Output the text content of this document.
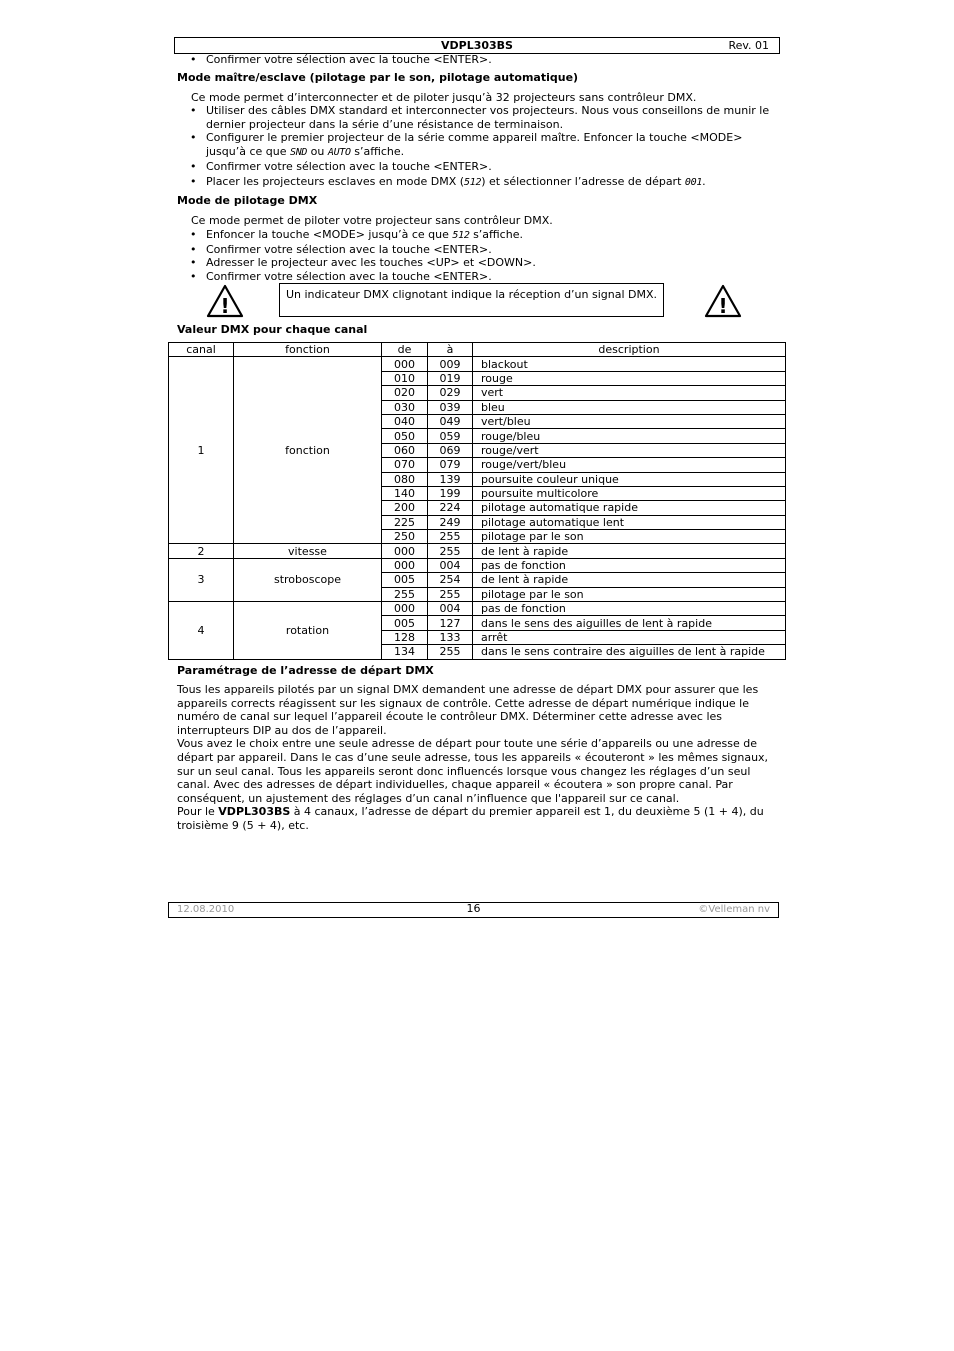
VDPL303BS	Rev. 01
• Confirmer votre sélection avec la touche <ENTER>.
Mode maître/esclave (pilotage par le son, pilotage automatique)
Ce mode permet d’interconnecter et de piloter jusqu’à 32 projecteurs sans contrôleur DMX.
• Utiliser des câbles DMX standard et interconnecter vos projecteurs. Nous vous conseillons de munir le dernier projecteur dans la série d’une résistance de terminaison.
• Configurer le premier projecteur de la série comme appareil maître. Enfoncer la touche <MODE> jusqu’à ce que SND ou AUTO s’affiche.
• Confirmer votre sélection avec la touche <ENTER>.
• Placer les projecteurs esclaves en mode DMX (512) et sélectionner l’adresse de départ 001.
Mode de pilotage DMX
Ce mode permet de piloter votre projecteur sans contrôleur DMX.
• Enfoncer la touche <MODE> jusqu’à ce que 512 s’affiche.
• Confirmer votre sélection avec la touche <ENTER>.
• Adresser le projecteur avec les touches <UP> et <DOWN>.
• Confirmer votre sélection avec la touche <ENTER>.
!	Un indicateur DMX clignotant indique la réception d’un signal DMX.	!
Valeur DMX pour chaque canal
canal	fonction	de	à	description
1	fonction	000	009	blackout
		010	019	rouge
		020	029	vert
		030	039	bleu
		040	049	vert/bleu
		050	059	rouge/bleu
		060	069	rouge/vert
		070	079	rouge/vert/bleu
		080	139	poursuite couleur unique
		140	199	poursuite multicolore
		200	224	pilotage automatique rapide
		225	249	pilotage automatique lent
		250	255	pilotage par le son
2	vitesse	000	255	de lent à rapide
3	stroboscope	000	004	pas de fonction
		005	254	de lent à rapide
		255	255	pilotage par le son
4	rotation	000	004	pas de fonction
		005	127	dans le sens des aiguilles de lent à rapide
		128	133	arrêt
		134	255	dans le sens contraire des aiguilles de lent à rapide
Paramétrage de l’adresse de départ DMX

Tous les appareils pilotés par un signal DMX demandent une adresse de départ DMX pour assurer que les appareils corrects réagissent sur les signaux de contrôle. Cette adresse de départ numérique indique le numéro de canal sur lequel l’appareil écoute le contrôleur DMX. Déterminer cette adresse avec les interrupteurs DIP au dos de l’appareil.

Vous avez le choix entre une seule adresse de départ pour toute une série d’appareils ou une adresse de départ par appareil. Dans le cas d’une seule adresse, tous les appareils « écouteront » les mêmes signaux, sur un seul canal. Tous les appareils seront donc influencés lorsque vous changez les réglages d’un seul canal. Avec des adresses de départ individuelles, chaque appareil « écoutera » son propre canal. Par conséquent, un ajustement des réglages d’un canal n’influence que l'appareil sur ce canal.

Pour le VDPL303BS à 4 canaux, l’adresse de départ du premier appareil est 1, du deuxième 5 (1 + 4), du troisième 9 (5 + 4), etc.

12.08.2010	16	©Velleman nv
